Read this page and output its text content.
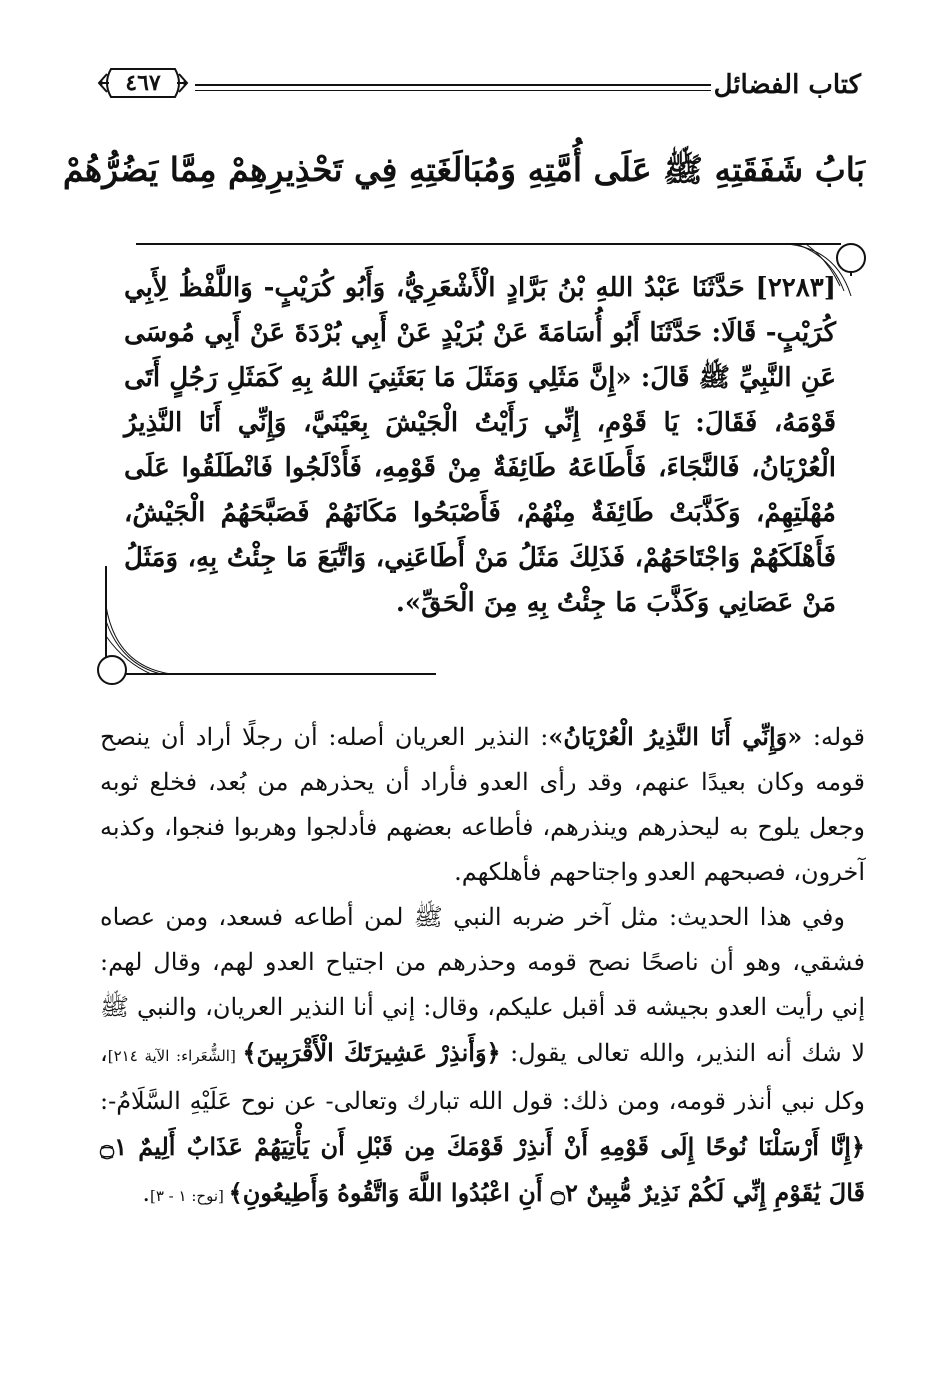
كتاب الفضائل
٤٦٧
بَابُ شَفَقَتِهِ ﷺ عَلَى أُمَّتِهِ وَمُبَالَغَتِهِ فِي تَحْذِيرِهِمْ مِمَّا يَضُرُّهُمْ
[٢٢٨٣] حَدَّثَنَا عَبْدُ اللهِ بْنُ بَرَّادٍ الْأَشْعَرِيُّ، وَأَبُو كُرَيْبٍ- وَاللَّفْظُ لِأَبِي كُرَيْبٍ- قَالَا: حَدَّثَنَا أَبُو أُسَامَةَ عَنْ بُرَيْدٍ عَنْ أَبِي بُرْدَةَ عَنْ أَبِي مُوسَى عَنِ النَّبِيِّ ﷺ قَالَ: «إِنَّ مَثَلِي وَمَثَلَ مَا بَعَثَنِيَ اللهُ بِهِ كَمَثَلِ رَجُلٍ أَتَى قَوْمَهُ، فَقَالَ: يَا قَوْمِ، إِنِّي رَأَيْتُ الْجَيْشَ بِعَيْنَيَّ، وَإِنِّي أَنَا النَّذِيرُ الْعُرْيَانُ، فَالنَّجَاءَ، فَأَطَاعَهُ طَائِفَةٌ مِنْ قَوْمِهِ، فَأَدْلَجُوا فَانْطَلَقُوا عَلَى مُهْلَتِهِمْ، وَكَذَّبَتْ طَائِفَةٌ مِنْهُمْ، فَأَصْبَحُوا مَكَانَهُمْ فَصَبَّحَهُمُ الْجَيْشُ، فَأَهْلَكَهُمْ وَاجْتَاحَهُمْ، فَذَلِكَ مَثَلُ مَنْ أَطَاعَنِي، وَاتَّبَعَ مَا جِئْتُ بِهِ، وَمَثَلُ مَنْ عَصَانِي وَكَذَّبَ مَا جِئْتُ بِهِ مِنَ الْحَقِّ».

قوله: «وَإِنِّي أَنَا النَّذِيرُ الْعُرْيَانُ»: النذير العريان أصله: أن رجلًا أراد أن ينصح قومه وكان بعيدًا عنهم، وقد رأى العدو فأراد أن يحذرهم من بُعد، فخلع ثوبه وجعل يلوح به ليحذرهم وينذرهم، فأطاعه بعضهم فأدلجوا وهربوا فنجوا، وكذبه آخرون، فصبحهم العدو واجتاحهم فأهلكهم.

وفي هذا الحديث: مثل آخر ضربه النبي ﷺ لمن أطاعه فسعد، ومن عصاه فشقي، وهو أن ناصحًا نصح قومه وحذرهم من اجتياح العدو لهم، وقال لهم: إني رأيت العدو بجيشه قد أقبل عليكم، وقال: إني أنا النذير العريان، والنبي ﷺ لا شك أنه النذير، والله تعالى يقول: ﴿وَأَنذِرْ عَشِيرَتَكَ الْأَقْرَبِينَ﴾ [الشُّعَراء: الآية ٢١٤]، وكل نبي أنذر قومه، ومن ذلك: قول الله تبارك وتعالى- عن نوح عَلَيْهِ السَّلَامُ-: ﴿إِنَّا أَرْسَلْنَا نُوحًا إِلَى قَوْمِهِ أَنْ أَنذِرْ قَوْمَكَ مِن قَبْلِ أَن يَأْتِيَهُمْ عَذَابٌ أَلِيمٌ ۝١ قَالَ يَٰقَوْمِ إِنِّي لَكُمْ نَذِيرٌ مُّبِينٌ ۝٢ أَنِ اعْبُدُوا اللَّهَ وَاتَّقُوهُ وَأَطِيعُونِ﴾ [نوح: ١ - ٣].
